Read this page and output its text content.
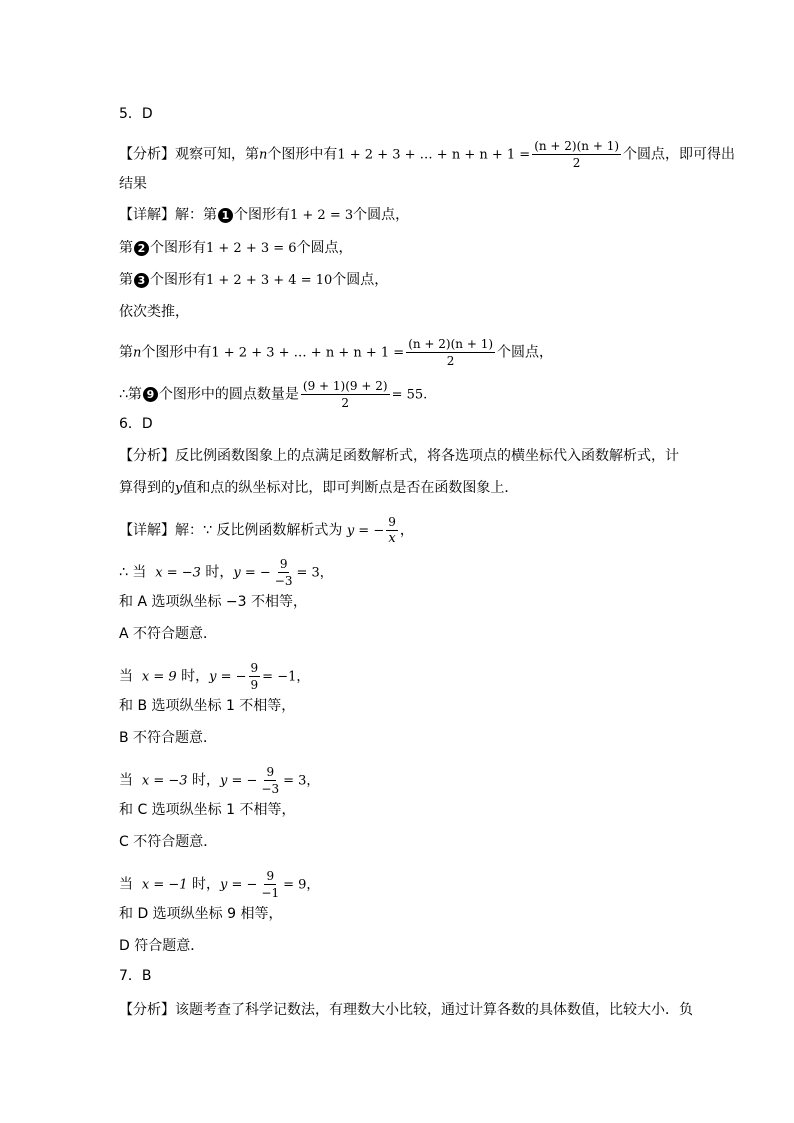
5．D
【分析】观察可知，第n个图形中有1 + 2 + 3 + … + $n + n + 1 = \frac{(n + 2)(n + 1)}{2}$ 个圆点，即可得出
结果
【详解】解：第 1 个图形有1 + 2 = 3个圆点，
第 2 个图形有1 + 2 + 3 = 6个圆点，
第 3 个图形有1 + 2 + 3 + 4 = 10个圆点，
依次类推，
第n个图形中有1 + 2 + 3 + … + $n + n + 1 = \frac{(n + 2)(n + 1)}{2}$ 个圆点，
∴第 9 个图形中的圆点数量是 $\frac{(9 + 1)(9 + 2)}{2} = 55$.
6．D
【分析】反比例函数图象上的点满足函数解析式，将各选项点的横坐标代入函数解析式，计
算得到的y值和点的纵坐标对比，即可判断点是否在函数图象上．
【详解】解：∵ 反比例函数解析式为 y = − $\frac{9}{x}$ ，
∴ 当 x = −3 时，y = − $\frac{9}{-3} = 3$，
和 A 选项纵坐标 −3 不相等，
A 不符合题意．
当 x = 9 时，y = − $\frac{9}{9} = -1$，
和 B 选项纵坐标 1 不相等，
B 不符合题意．
当 x = −3 时，y = − $\frac{9}{-3} = 3$，
和 C 选项纵坐标 1 不相等，
C 不符合题意．
当 x = −1 时，y = − $\frac{9}{-1} = 9$，
和 D 选项纵坐标 9 相等，
D 符合题意．
7．B
【分析】该题考查了科学记数法，有理数大小比较，通过计算各数的具体数值，比较大小．负
